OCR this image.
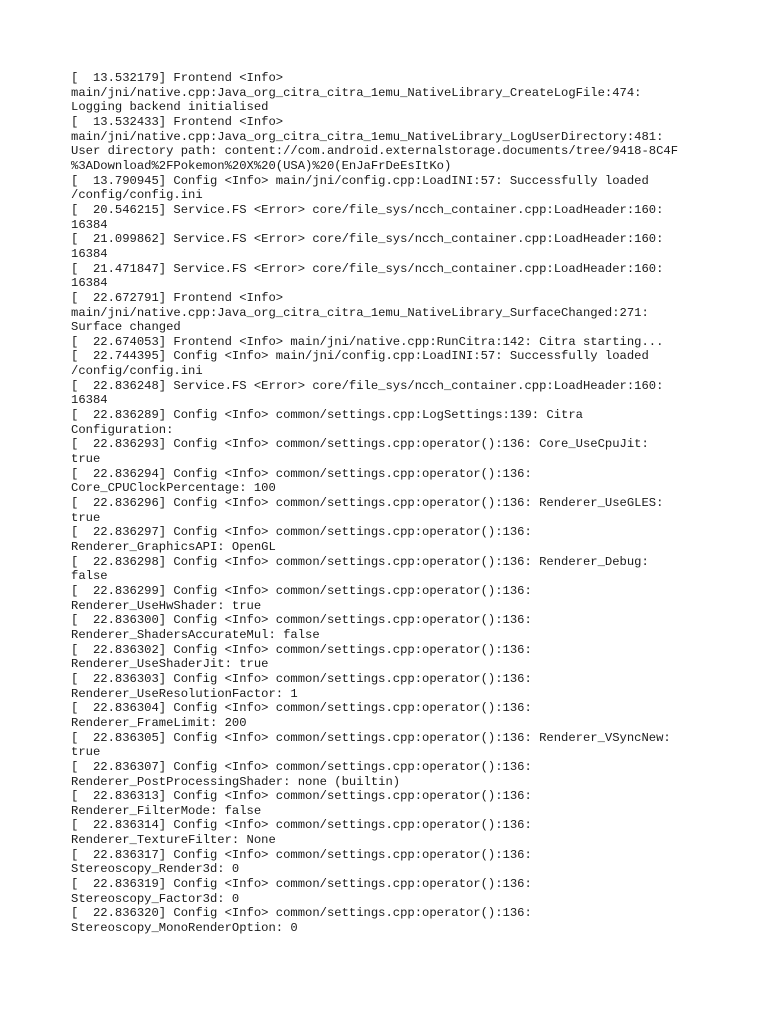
[  13.532179] Frontend <Info>
main/jni/native.cpp:Java_org_citra_citra_1emu_NativeLibrary_CreateLogFile:474:
Logging backend initialised
[  13.532433] Frontend <Info>
main/jni/native.cpp:Java_org_citra_citra_1emu_NativeLibrary_LogUserDirectory:481:
User directory path: content://com.android.externalstorage.documents/tree/9418-8C4F
%3ADownload%2FPokemon%20X%20(USA)%20(EnJaFrDeEsItKo)
[  13.790945] Config <Info> main/jni/config.cpp:LoadINI:57: Successfully loaded
/config/config.ini
[  20.546215] Service.FS <Error> core/file_sys/ncch_container.cpp:LoadHeader:160:
16384
[  21.099862] Service.FS <Error> core/file_sys/ncch_container.cpp:LoadHeader:160:
16384
[  21.471847] Service.FS <Error> core/file_sys/ncch_container.cpp:LoadHeader:160:
16384
[  22.672791] Frontend <Info>
main/jni/native.cpp:Java_org_citra_citra_1emu_NativeLibrary_SurfaceChanged:271:
Surface changed
[  22.674053] Frontend <Info> main/jni/native.cpp:RunCitra:142: Citra starting...
[  22.744395] Config <Info> main/jni/config.cpp:LoadINI:57: Successfully loaded
/config/config.ini
[  22.836248] Service.FS <Error> core/file_sys/ncch_container.cpp:LoadHeader:160:
16384
[  22.836289] Config <Info> common/settings.cpp:LogSettings:139: Citra
Configuration:
[  22.836293] Config <Info> common/settings.cpp:operator():136: Core_UseCpuJit:
true
[  22.836294] Config <Info> common/settings.cpp:operator():136:
Core_CPUClockPercentage: 100
[  22.836296] Config <Info> common/settings.cpp:operator():136: Renderer_UseGLES:
true
[  22.836297] Config <Info> common/settings.cpp:operator():136:
Renderer_GraphicsAPI: OpenGL
[  22.836298] Config <Info> common/settings.cpp:operator():136: Renderer_Debug:
false
[  22.836299] Config <Info> common/settings.cpp:operator():136:
Renderer_UseHwShader: true
[  22.836300] Config <Info> common/settings.cpp:operator():136:
Renderer_ShadersAccurateMul: false
[  22.836302] Config <Info> common/settings.cpp:operator():136:
Renderer_UseShaderJit: true
[  22.836303] Config <Info> common/settings.cpp:operator():136:
Renderer_UseResolutionFactor: 1
[  22.836304] Config <Info> common/settings.cpp:operator():136:
Renderer_FrameLimit: 200
[  22.836305] Config <Info> common/settings.cpp:operator():136: Renderer_VSyncNew:
true
[  22.836307] Config <Info> common/settings.cpp:operator():136:
Renderer_PostProcessingShader: none (builtin)
[  22.836313] Config <Info> common/settings.cpp:operator():136:
Renderer_FilterMode: false
[  22.836314] Config <Info> common/settings.cpp:operator():136:
Renderer_TextureFilter: None
[  22.836317] Config <Info> common/settings.cpp:operator():136:
Stereoscopy_Render3d: 0
[  22.836319] Config <Info> common/settings.cpp:operator():136:
Stereoscopy_Factor3d: 0
[  22.836320] Config <Info> common/settings.cpp:operator():136:
Stereoscopy_MonoRenderOption: 0
